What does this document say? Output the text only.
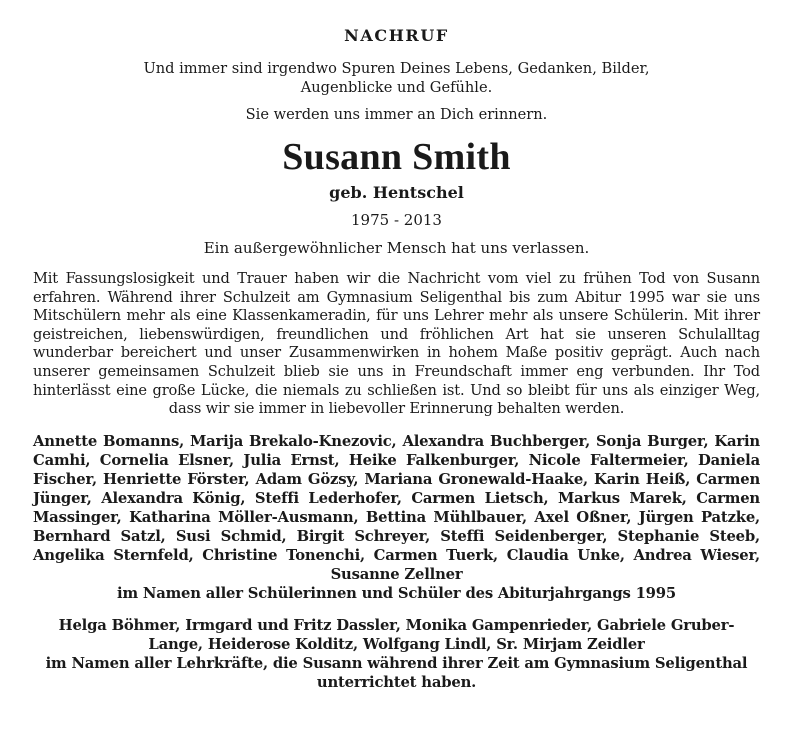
NACHRUF
Und immer sind irgendwo Spuren Deines Lebens, Gedanken, Bilder, Augenblicke und Gefühle.
Sie werden uns immer an Dich erinnern.
Susann Smith
geb. Hentschel
1975 - 2013
Ein außergewöhnlicher Mensch hat uns verlassen.
Mit Fassungslosigkeit und Trauer haben wir die Nachricht vom viel zu frühen Tod von Susann erfahren. Während ihrer Schulzeit am Gymnasium Seligenthal bis zum Abitur 1995 war sie uns Mitschülern mehr als eine Klassenkameradin, für uns Lehrer mehr als unsere Schülerin. Mit ihrer geistreichen, liebenswürdigen, freundlichen und fröhlichen Art hat sie unseren Schulalltag wunderbar bereichert und unser Zusammenwirken in hohem Maße positiv geprägt. Auch nach unserer gemeinsamen Schulzeit blieb sie uns in Freundschaft immer eng verbunden. Ihr Tod hinterlässt eine große Lücke, die niemals zu schließen ist. Und so bleibt für uns als einziger Weg, dass wir sie immer in liebevoller Erinnerung behalten werden.
Annette Bomanns, Marija Brekalo-Knezovic, Alexandra Buchberger, Sonja Burger, Karin Camhi, Cornelia Elsner, Julia Ernst, Heike Falkenburger, Nicole Faltermeier, Daniela Fischer, Henriette Förster, Adam Gözsy, Mariana Gronewald-Haake, Karin Heiß, Carmen Jünger, Alexandra König, Steffi Lederhofer, Carmen Lietsch, Markus Marek, Carmen Massinger, Katharina Möller-Ausmann, Bettina Mühlbauer, Axel Oßner, Jürgen Patzke, Bernhard Satzl, Susi Schmid, Birgit Schreyer, Steffi Seidenberger, Stephanie Steeb, Angelika Sternfeld, Christine Tonenchi, Carmen Tuerk, Claudia Unke, Andrea Wieser, Susanne Zellner
im Namen aller Schülerinnen und Schüler des Abiturjahrgangs 1995
Helga Böhmer, Irmgard und Fritz Dassler, Monika Gampenrieder, Gabriele Gruber-Lange, Heiderose Kolditz, Wolfgang Lindl, Sr. Mirjam Zeidler
im Namen aller Lehrkräfte, die Susann während ihrer Zeit am Gymnasium Seligenthal unterrichtet haben.
